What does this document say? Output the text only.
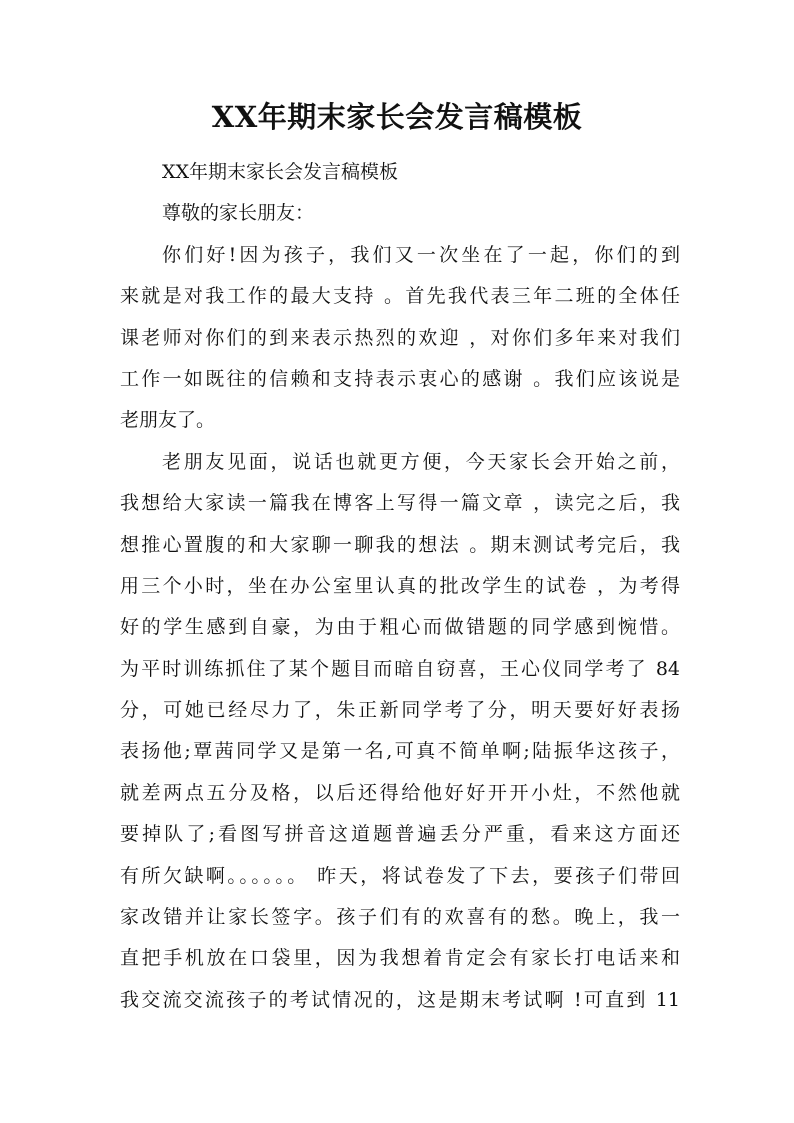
XX年期末家长会发言稿模板
XX年期末家长会发言稿模板
尊敬的家长朋友：
你们好!因为孩子，我们又一次坐在了一起，你们的到
来就是对我工作的最大支持 。首先我代表三年二班的全体任
课老师对你们的到来表示热烈的欢迎 ，对你们多年来对我们
工作一如既往的信赖和支持表示衷心的感谢 。我们应该说是
老朋友了。
老朋友见面，说话也就更方便，今天家长会开始之前，
我想给大家读一篇我在博客上写得一篇文章 ，读完之后，我
想推心置腹的和大家聊一聊我的想法 。期末测试考完后，我
用三个小时，坐在办公室里认真的批改学生的试卷 ，为考得
好的学生感到自豪，为由于粗心而做错题的同学感到惋惜。
为平时训练抓住了某个题目而暗自窃喜，王心仪同学考了 84
分，可她已经尽力了，朱正新同学考了分，明天要好好表扬
表扬他;覃茜同学又是第一名,可真不简单啊;陆振华这孩子，
就差两点五分及格，以后还得给他好好开开小灶，不然他就
要掉队了;看图写拼音这道题普遍丢分严重，看来这方面还
有所欠缺啊。。。。。。 昨天，将试卷发了下去，要孩子们带回
家改错并让家长签字。孩子们有的欢喜有的愁。晚上，我一
直把手机放在口袋里，因为我想着肯定会有家长打电话来和
我交流交流孩子的考试情况的，这是期末考试啊 !可直到 11
